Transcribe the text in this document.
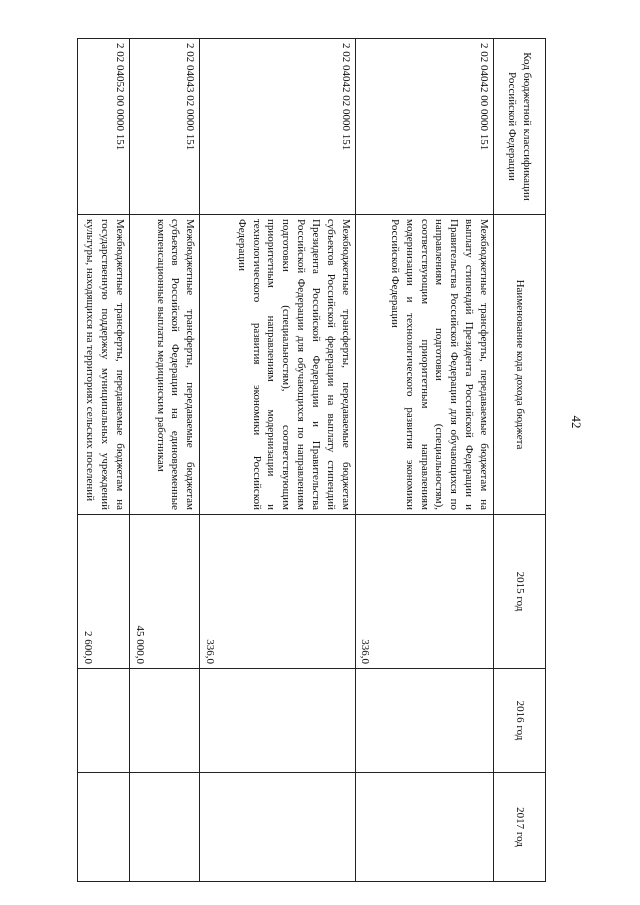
42
Код бюджетной классификации Российской Федерации	Наименование кода дохода бюджета	2015 год	2016 год	2017 год
2 02 04042 00 0000 151	Межбюджетные трансферты, передаваемые бюджетам на выплату стипендий Президента Российской Федерации и Правительства Российской Федерации для обучающихся по направлениям подготовки (специальностям), соответствующим приоритетным направлениям модернизации и технологического развития экономики Российской Федерации	336,0		
2 02 04042 02 0000 151	Межбюджетные трансферты, передаваемые бюджетам субъектов Российской федерации на выплату стипендий Президента Российской Федерации и Правительства Российской Федерации для обучающихся по направлениям подготовки (специальностям), соответствующим приоритетным направлениям модернизации и технологического развития экономики Российской Федерации	336,0		
2 02 04043 02 0000 151	Межбюджетные трансферты, передаваемые бюджетам субъектов Российской Федерации на единовременные компенсационные выплаты медицинским работникам	45 000,0		
2 02 04052 00 0000 151	Межбюджетные трансферты, передаваемые бюджетам на государственную поддержку муниципальных учреждений культуры, находящихся на территориях сельских поселений	2 600,0		
